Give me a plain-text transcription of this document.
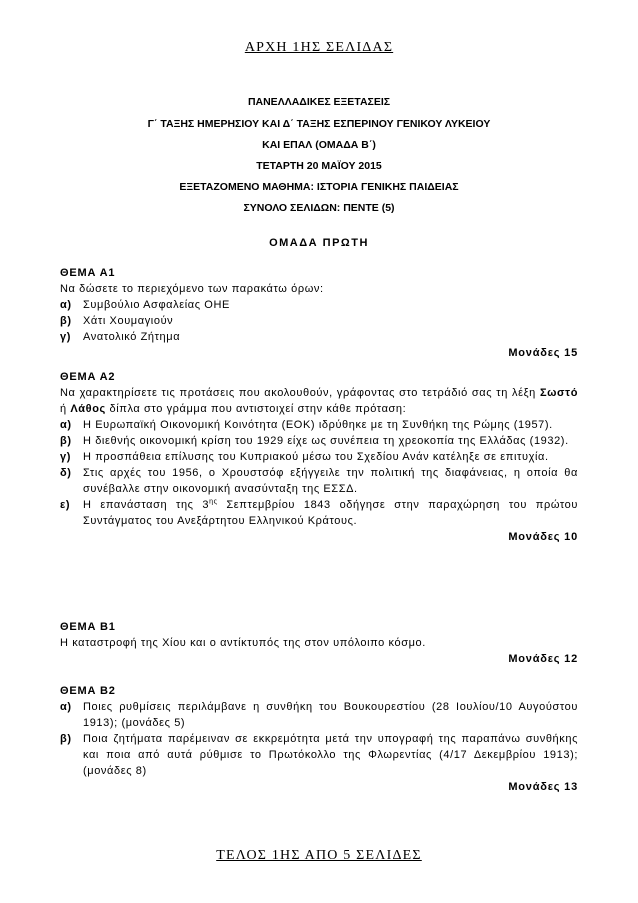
ΑΡΧΗ 1ΗΣ ΣΕΛΙΔΑΣ
ΠΑΝΕΛΛΑΔΙΚΕΣ ΕΞΕΤΑΣΕΙΣ
Γ΄ ΤΑΞΗΣ ΗΜΕΡΗΣΙΟΥ ΚΑΙ Δ΄ ΤΑΞΗΣ ΕΣΠΕΡΙΝΟΥ ΓΕΝΙΚΟΥ ΛΥΚΕΙΟΥ
ΚΑΙ ΕΠΑΛ (ΟΜΑΔΑ Β΄)
ΤΕΤΑΡΤΗ 20 ΜΑΪΟΥ 2015
ΕΞΕΤΑΖΟΜΕΝΟ ΜΑΘΗΜΑ: ΙΣΤΟΡΙΑ ΓΕΝΙΚΗΣ ΠΑΙΔΕΙΑΣ
ΣΥΝΟΛΟ ΣΕΛΙΔΩΝ: ΠΕΝΤΕ (5)
ΟΜΑΔΑ ΠΡΩΤΗ

ΘΕΜΑ Α1

Να δώσετε το περιεχόμενο των παρακάτω όρων:

α)	Συμβούλιο Ασφαλείας ΟΗΕ
β)	Χάτι Χουμαγιούν
γ)	Ανατολικό Ζήτημα

Μονάδες 15

ΘΕΜΑ Α2

Να χαρακτηρίσετε τις προτάσεις που ακολουθούν, γράφοντας στο τετράδιό σας τη λέξη Σωστό ή Λάθος δίπλα στο γράμμα που αντιστοιχεί στην κάθε πρόταση:

α)	Η Ευρωπαϊκή Οικονομική Κοινότητα (ΕΟΚ) ιδρύθηκε με τη Συνθήκη της Ρώμης (1957).
β)	Η διεθνής οικονομική κρίση του 1929 είχε ως συνέπεια τη χρεοκοπία της Ελλάδας (1932).
γ)	Η προσπάθεια επίλυσης του Κυπριακού μέσω του Σχεδίου Ανάν κατέληξε σε επιτυχία.
δ)	Στις αρχές του 1956, ο Χρουστσόφ εξήγγειλε την πολιτική της διαφάνειας, η οποία θα συνέβαλλε στην οικονομική ανασύνταξη της ΕΣΣΔ.
ε)	Η επανάσταση της $3^{\eta\varsigma}$ Σεπτεμβρίου 1843 οδήγησε στην παραχώρηση του πρώτου Συντάγματος του Ανεξάρτητου Ελληνικού Κράτους.

Μονάδες 10

ΘΕΜΑ Β1

Η καταστροφή της Χίου και ο αντίκτυπός της στον υπόλοιπο κόσμο.

Μονάδες 12

ΘΕΜΑ Β2

α)	Ποιες ρυθμίσεις περιλάμβανε η συνθήκη του Βουκουρεστίου (28 Ιουλίου/10 Αυγούστου 1913); (μονάδες 5)
β)	Ποια ζητήματα παρέμειναν σε εκκρεμότητα μετά την υπογραφή της παραπάνω συνθήκης και ποια από αυτά ρύθμισε το Πρωτόκολλο της Φλωρεντίας (4/17 Δεκεμβρίου 1913); (μονάδες 8)

Μονάδες 13

ΤΕΛΟΣ 1ΗΣ ΑΠΟ 5 ΣΕΛΙΔΕΣ
